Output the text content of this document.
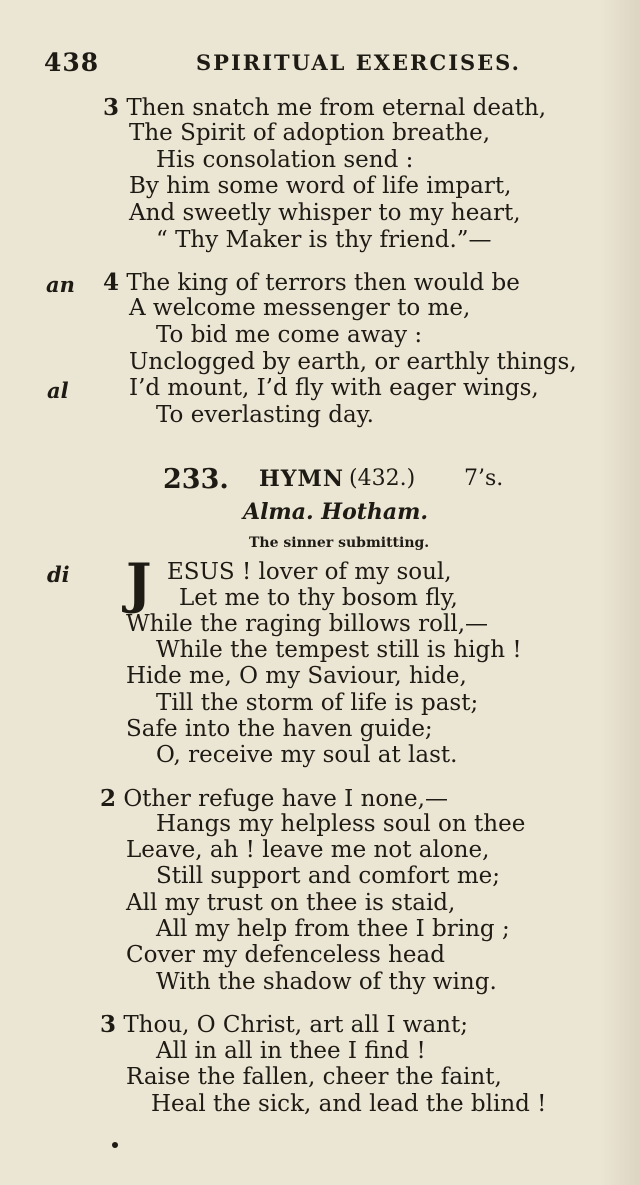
438	SPIRITUAL EXERCISES.
3 Then snatch me from eternal death,
The Spirit of adoption breathe,
His consolation send :
By him some word of life impart,
And sweetly whisper to my heart,
“ Thy Maker is thy friend.”—
an 4 The king of terrors then would be
A welcome messenger to me,
To bid me come away :
Unclogged by earth, or earthly things,
al	I’d mount, I’d fly with eager wings,
To everlasting day.
233. HYMN (432.) 7’s.
Alma. Hotham.
The sinner submitting.
di J ESUS ! lover of my soul,
Let me to thy bosom fly,
While the raging billows roll,—
While the tempest still is high !
Hide me, O my Saviour, hide,
Till the storm of life is past;
Safe into the haven guide;
O, receive my soul at last.
2 Other refuge have I none,—
Hangs my helpless soul on thee
Leave, ah ! leave me not alone,
Still support and comfort me;
All my trust on thee is staid,
All my help from thee I bring ;
Cover my defenceless head
With the shadow of thy wing.
3 Thou, O Christ, art all I want;
All in all in thee I find !
Raise the fallen, cheer the faint,
Heal the sick, and lead the blind !
